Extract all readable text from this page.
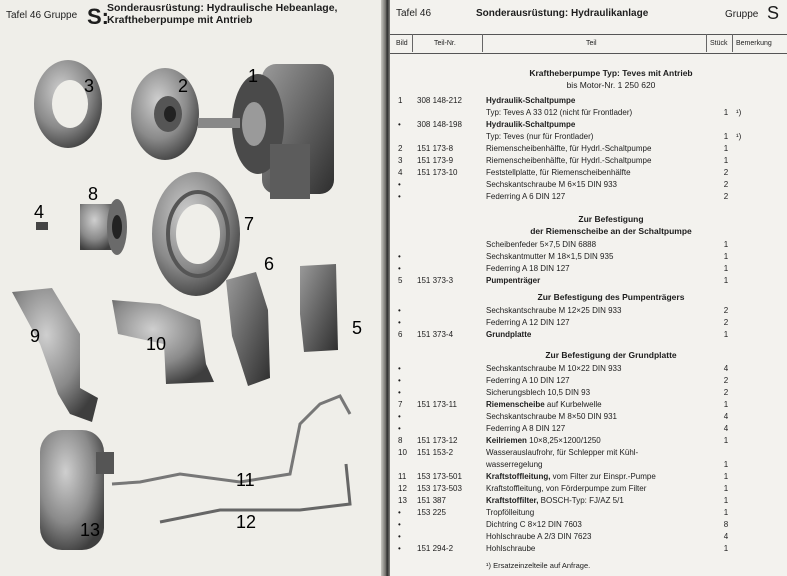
Tafel 46 Gruppe S:
Sonderausrüstung: Hydraulische Hebeanlage,
Kraftheberpumpe mit Antrieb
3	2	1
8
4
7
6
9	10
5
11
12
13
Tafel 46	Sonderausrüstung: Hydraulikanlage	Gruppe S
Bild	Teil-Nr.	Teil	Stück Bemerkung
Kraftheberpumpe Typ: Teves mit Antrieb
bis Motor-Nr. 1 250 620
1 308 148-212	Hydraulik-Schaltpumpe
Typ: Teves A 33 012 (nicht für Frontlader)	1 ¹)
• 308 148-198	Hydraulik-Schaltpumpe
Typ: Teves (nur für Frontlader)	1 ¹)
2 151 173-8	Riemenscheibenhälfte, für Hydrl.-Schaltpumpe	1
3 151 173-9	Riemenscheibenhälfte, für Hydrl.-Schaltpumpe	1
4 151 173-10	Feststellplatte, für Riemenscheibenhälfte	2
•	Sechskantschraube M 6×15 DIN 933	2
•	Federring A 6 DIN 127	2
Zur Befestigung
der Riemenscheibe an der Schaltpumpe
Scheibenfeder 5×7,5 DIN 6888	1
•	Sechskantmutter M 18×1,5 DIN 935	1
•	Federring A 18 DIN 127	1
5 151 373-3	Pumpenträger	1
Zur Befestigung des Pumpenträgers
•	Sechskantschraube M 12×25 DIN 933	2
•	Federring A 12 DIN 127	2
6 151 373-4	Grundplatte	1
Zur Befestigung der Grundplatte
•	Sechskantschraube M 10×22 DIN 933	4
•	Federring A 10 DIN 127	2
•	Sicherungsblech 10,5 DIN 93	2
7 151 173-11	Riemenscheibe auf Kurbelwelle	1
•	Sechskantschraube M 8×50 DIN 931	4
•	Federring A 8 DIN 127	4
8 151 173-12	Keilriemen 10×8,25×1200/1250	1
10 151 153-2	Wasserauslaufrohr, für Schlepper mit Kühl-
wasserregelung	1
11 153 173-501	Kraftstoffleitung, vom Filter zur Einspr.-Pumpe	1
12 153 173-503	Kraftstoffleitung, von Förderpumpe zum Filter	1
13 151 387	Kraftstoffilter, BOSCH-Typ: FJ/AZ 5/1	1
• 153 225	Tropfölleitung	1
•	Dichtring C 8×12 DIN 7603	8
•	Hohlschraube A 2/3 DIN 7623	4
• 151 294-2	Hohlschraube	1
¹) Ersatzeinzelteile auf Anfrage.
